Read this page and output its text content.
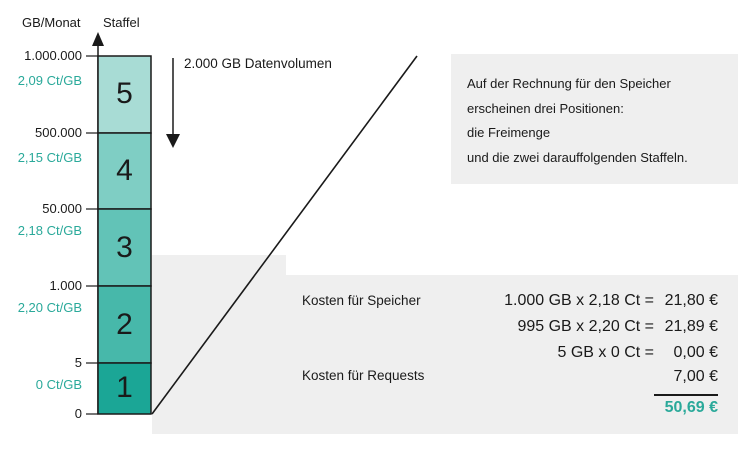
GB/Monat Staffel
1.000.000
500.000
50.000
1.000
5
0
2,09 Ct/GB
2,15 Ct/GB
2,18 Ct/GB
2,20 Ct/GB
0 Ct/GB
5
4
3
2
1
2.000 GB Datenvolumen
Auf der Rechnung für den Speicher
erscheinen drei Positionen:
die Freimenge
und die zwei darauffolgenden Staffeln.
Kosten für Speicher
Kosten für Requests
1.000 GB x 2,18 Ct = 21,80 €
995 GB x 2,20 Ct = 21,89 €
5 GB x 0 Ct = 0,00 €
7,00 €
50,69 €
